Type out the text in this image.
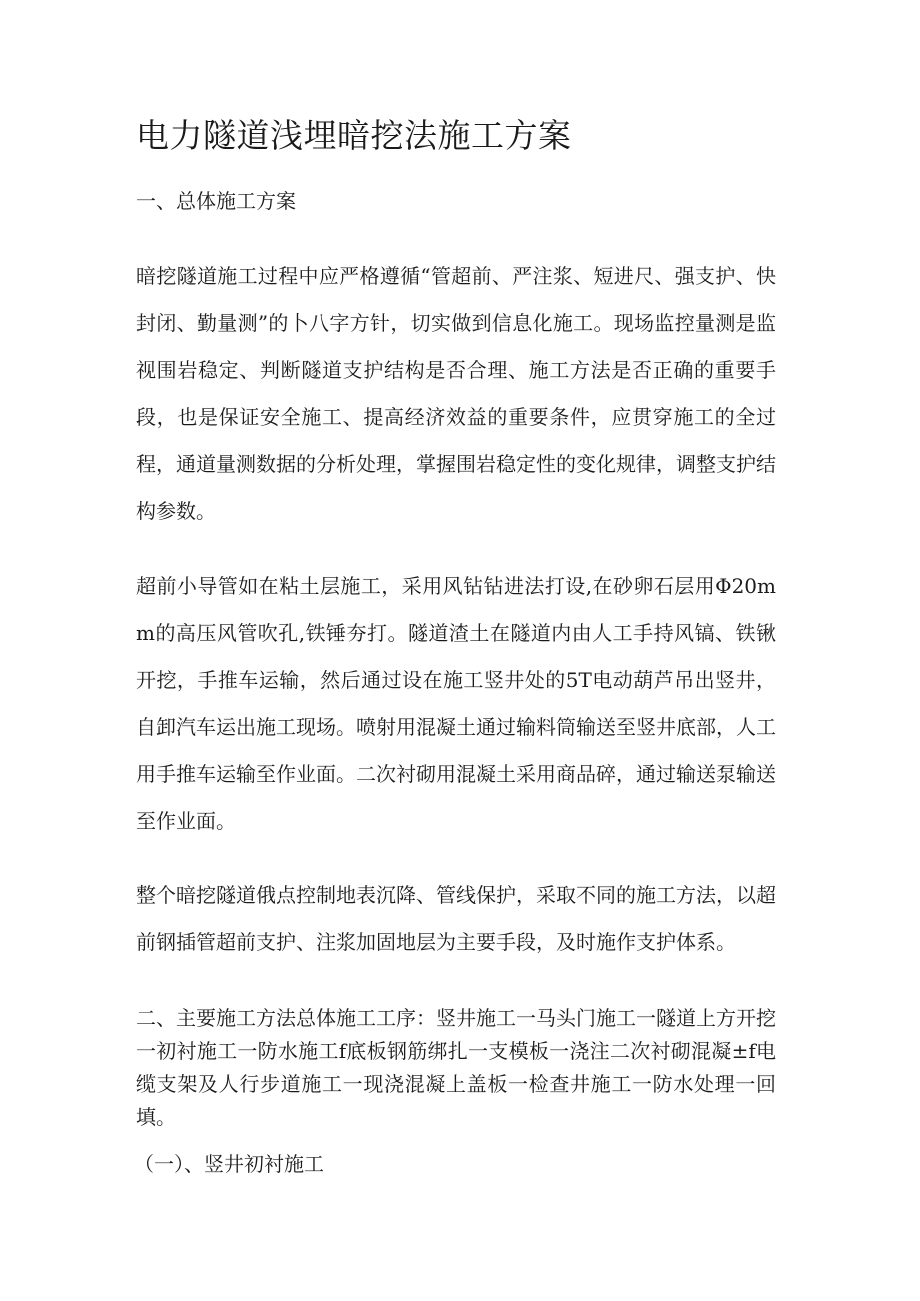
电力隧道浅埋暗挖法施工方案
一、总体施工方案
暗挖隧道施工过程中应严格遵循“管超前、严注浆、短进尺、强支护、快封闭、勤量测”的卜八字方针，切实做到信息化施工。现场监控量测是监视围岩稳定、判断隧道支护结构是否合理、施工方法是否正确的重要手段，也是保证安全施工、提高经济效益的重要条件，应贯穿施工的全过程，通道量测数据的分析处理，掌握围岩稳定性的变化规律，调整支护结构参数。
超前小导管如在粘土层施工，采用风钻钻进法打设,在砂卵石层用Φ20mm的高压风管吹孔,铁锤夯打。隧道渣土在隧道内由人工手持风镐、铁锹开挖，手推车运输，然后通过设在施工竖井处的5T电动葫芦吊出竖井，自卸汽车运出施工现场。喷射用混凝土通过输料筒输送至竖井底部，人工用手推车运输至作业面。二次衬砌用混凝土采用商品碎，通过输送泵输送至作业面。
整个暗挖隧道俄点控制地表沉降、管线保护，采取不同的施工方法，以超前钢插管超前支护、注浆加固地层为主要手段，及时施作支护体系。
二、主要施工方法总体施工工序：竖井施工一马头门施工一隧道上方开挖一初衬施工一防水施工f底板钢筋绑扎一支模板一浇注二次衬砌混凝±f电缆支架及人行步道施工一现浇混凝上盖板一检查井施工一防水处理一回填。
（一）、竖井初衬施工
